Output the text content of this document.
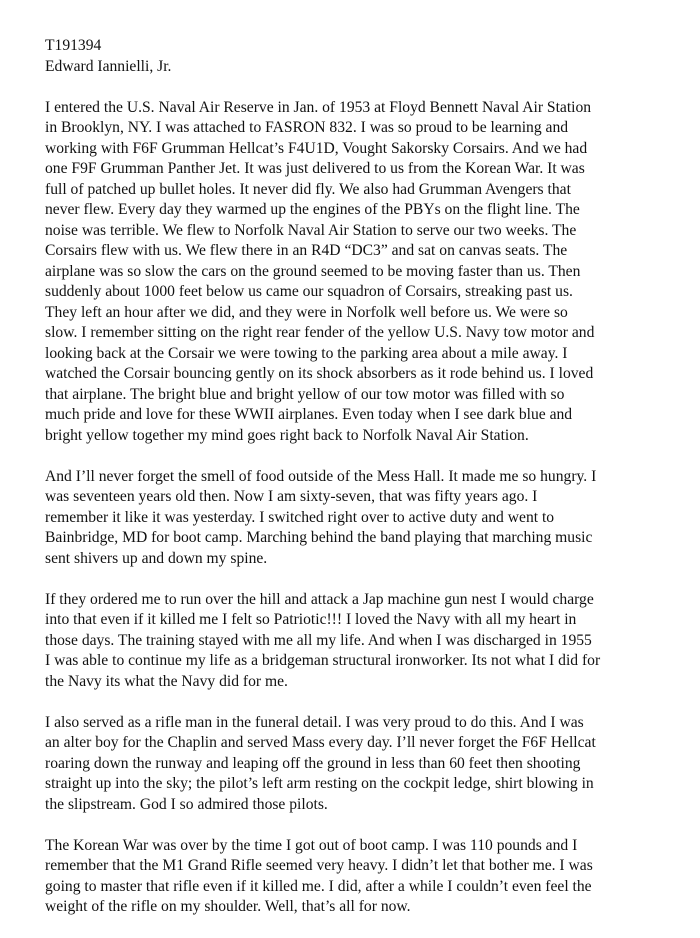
T191394

Edward Iannielli, Jr.

I entered the U.S. Naval Air Reserve in Jan. of 1953 at Floyd Bennett Naval Air Station
in Brooklyn, NY. I was attached to FASRON 832. I was so proud to be learning and
working with F6F Grumman Hellcat’s F4U1D, Vought Sakorsky Corsairs. And we had
one F9F Grumman Panther Jet. It was just delivered to us from the Korean War. It was
full of patched up bullet holes. It never did fly. We also had Grumman Avengers that
never flew. Every day they warmed up the engines of the PBYs on the flight line. The
noise was terrible. We flew to Norfolk Naval Air Station to serve our two weeks. The
Corsairs flew with us. We flew there in an R4D “DC3” and sat on canvas seats. The
airplane was so slow the cars on the ground seemed to be moving faster than us. Then
suddenly about 1000 feet below us came our squadron of Corsairs, streaking past us.
They left an hour after we did, and they were in Norfolk well before us. We were so
slow. I remember sitting on the right rear fender of the yellow U.S. Navy tow motor and
looking back at the Corsair we were towing to the parking area about a mile away. I
watched the Corsair bouncing gently on its shock absorbers as it rode behind us. I loved
that airplane. The bright blue and bright yellow of our tow motor was filled with so
much pride and love for these WWII airplanes. Even today when I see dark blue and
bright yellow together my mind goes right back to Norfolk Naval Air Station.

And I’ll never forget the smell of food outside of the Mess Hall. It made me so hungry. I
was seventeen years old then. Now I am sixty-seven, that was fifty years ago. I
remember it like it was yesterday. I switched right over to active duty and went to
Bainbridge, MD for boot camp. Marching behind the band playing that marching music
sent shivers up and down my spine.

If they ordered me to run over the hill and attack a Jap machine gun nest I would charge
into that even if it killed me I felt so Patriotic!!! I loved the Navy with all my heart in
those days. The training stayed with me all my life. And when I was discharged in 1955
I was able to continue my life as a bridgeman structural ironworker. Its not what I did for
the Navy its what the Navy did for me.

I also served as a rifle man in the funeral detail. I was very proud to do this. And I was
an alter boy for the Chaplin and served Mass every day. I’ll never forget the F6F Hellcat
roaring down the runway and leaping off the ground in less than 60 feet then shooting
straight up into the sky; the pilot’s left arm resting on the cockpit ledge, shirt blowing in
the slipstream. God I so admired those pilots.

The Korean War was over by the time I got out of boot camp. I was 110 pounds and I
remember that the M1 Grand Rifle seemed very heavy. I didn’t let that bother me. I was
going to master that rifle even if it killed me. I did, after a while I couldn’t even feel the
weight of the rifle on my shoulder. Well, that’s all for now.
